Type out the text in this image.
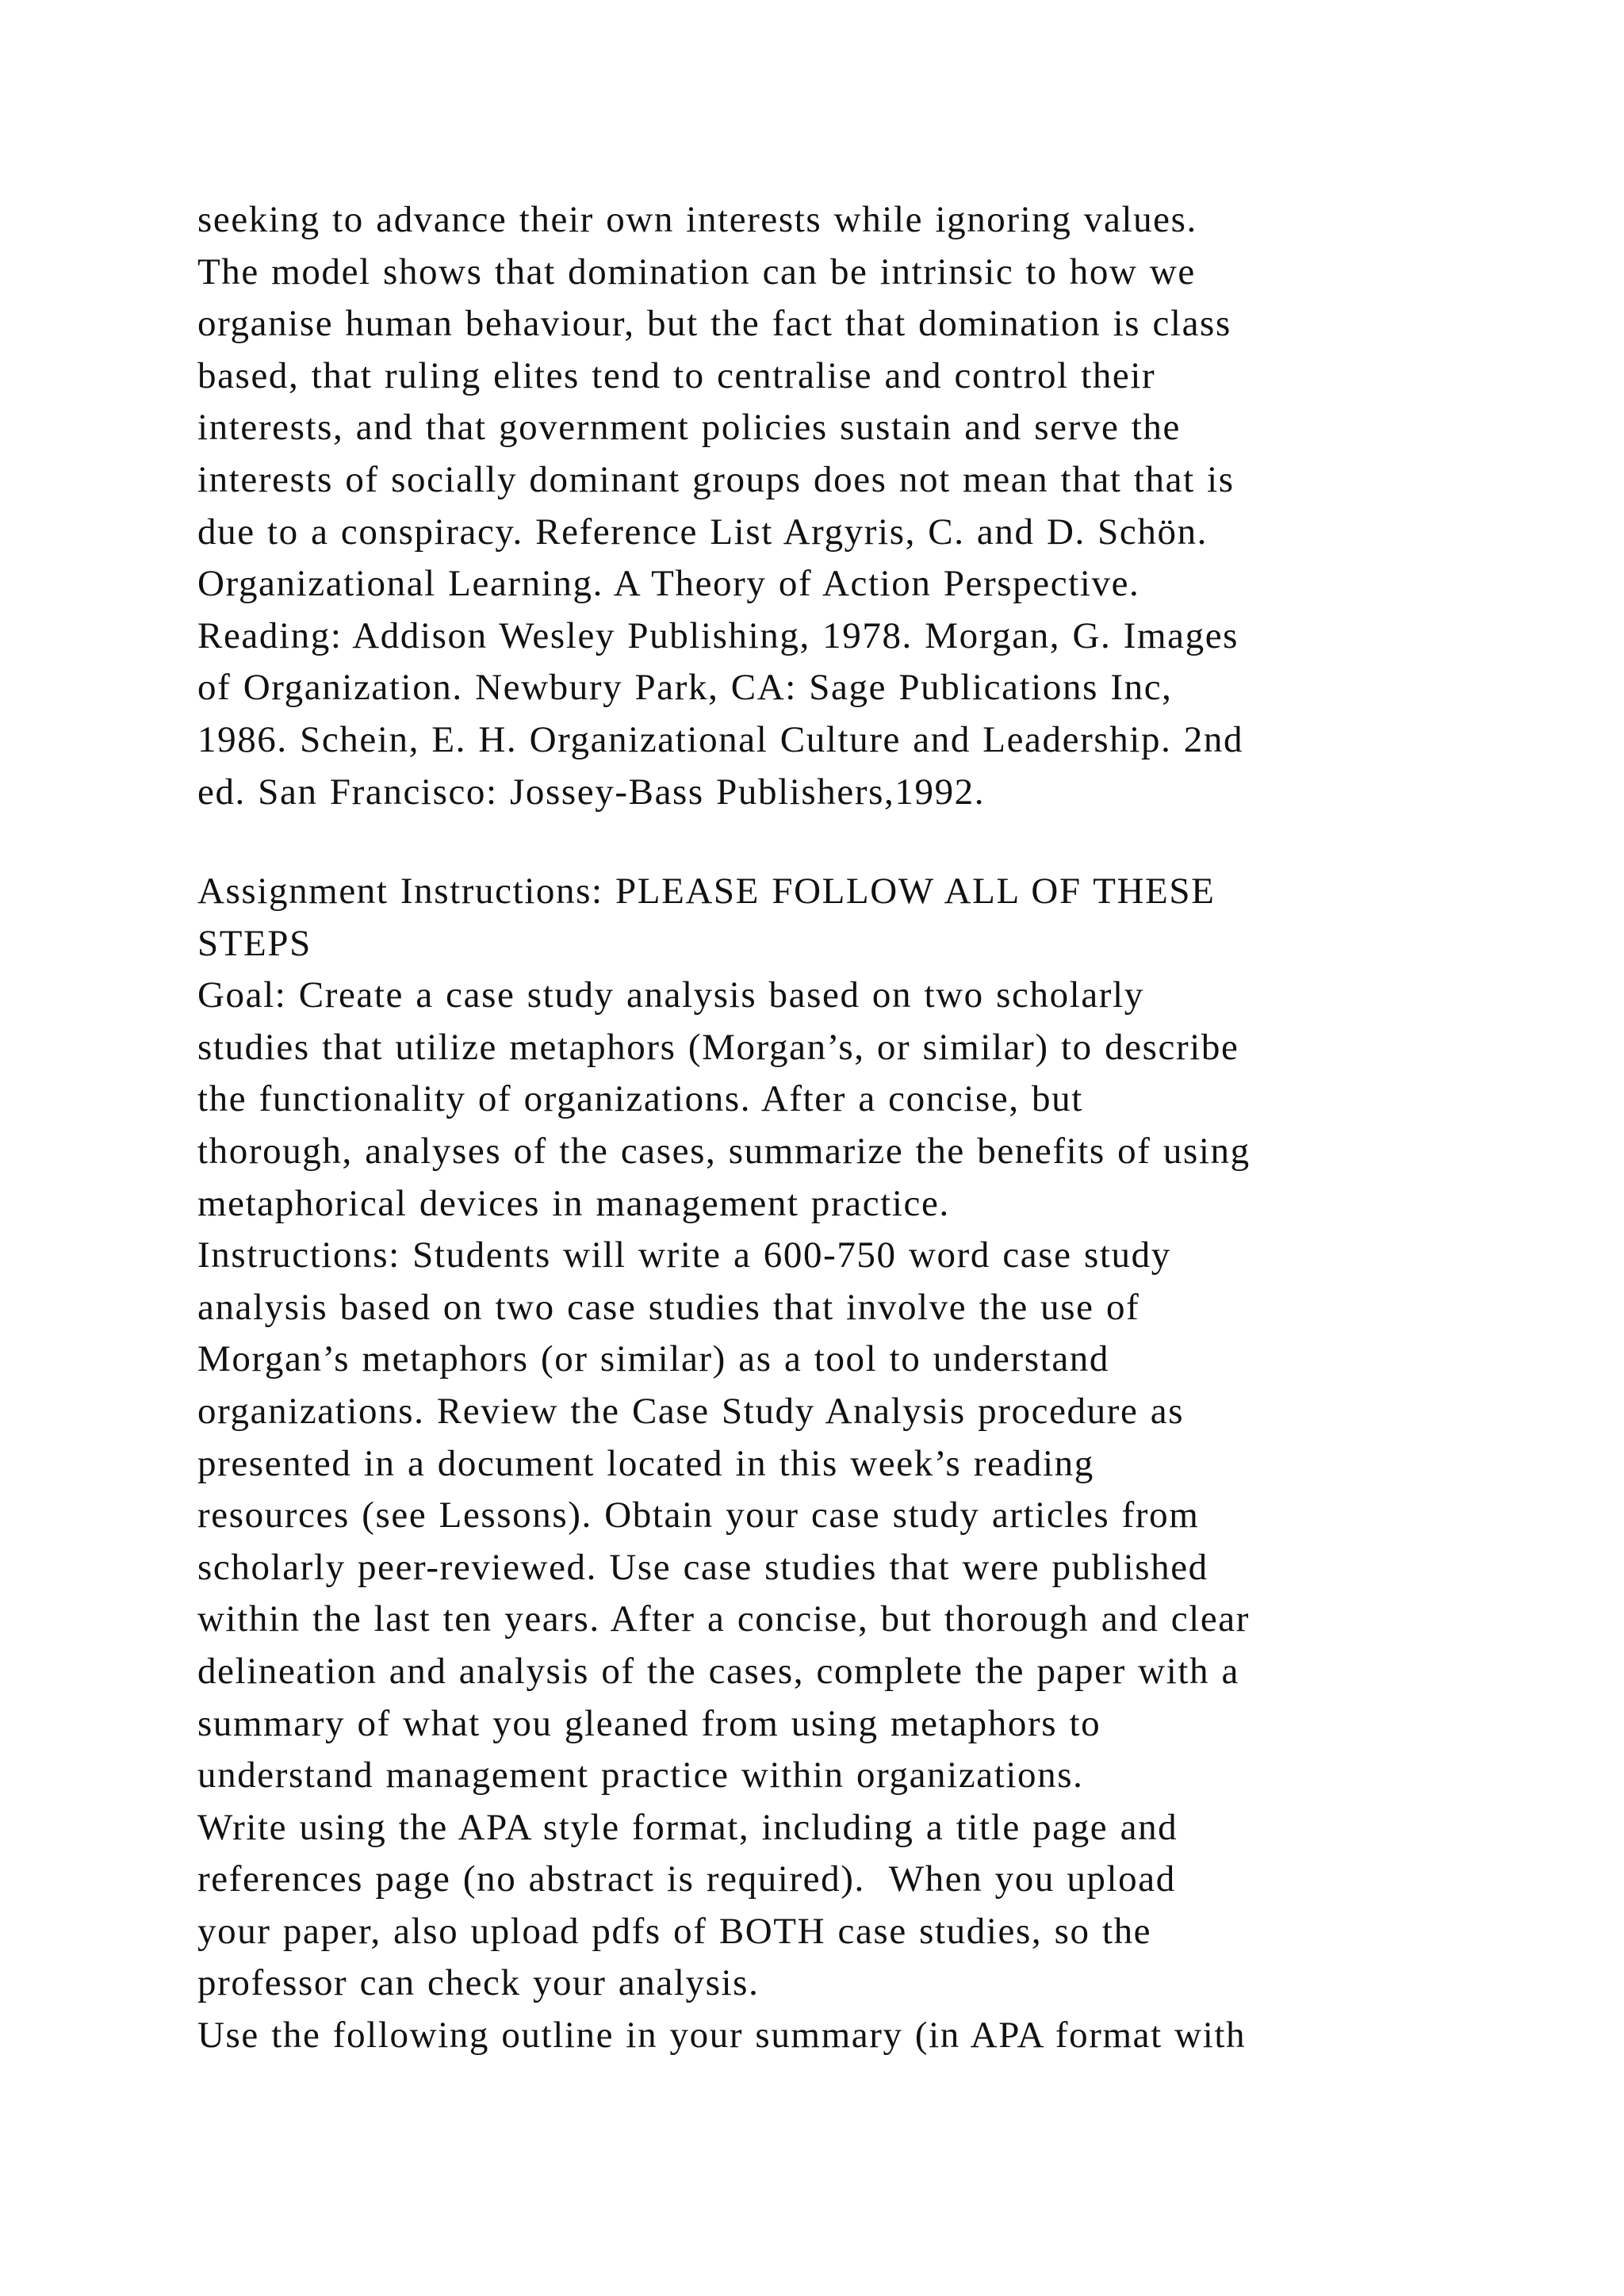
seeking to advance their own interests while ignoring values.
The model shows that domination can be intrinsic to how we
organise human behaviour, but the fact that domination is class
based, that ruling elites tend to centralise and control their
interests, and that government policies sustain and serve the
interests of socially dominant groups does not mean that that is
due to a conspiracy. Reference List Argyris, C. and D. Schön.
Organizational Learning. A Theory of Action Perspective.
Reading: Addison Wesley Publishing, 1978. Morgan, G. Images
of Organization. Newbury Park, CA: Sage Publications Inc,
1986. Schein, E. H. Organizational Culture and Leadership. 2nd
ed. San Francisco: Jossey-Bass Publishers,1992.
Assignment Instructions: PLEASE FOLLOW ALL OF THESE
STEPS
Goal: Create a case study analysis based on two scholarly
studies that utilize metaphors (Morgan’s, or similar) to describe
the functionality of organizations. After a concise, but
thorough, analyses of the cases, summarize the benefits of using
metaphorical devices in management practice.
Instructions: Students will write a 600-750 word case study
analysis based on two case studies that involve the use of
Morgan’s metaphors (or similar) as a tool to understand
organizations. Review the Case Study Analysis procedure as
presented in a document located in this week’s reading
resources (see Lessons). Obtain your case study articles from
scholarly peer-reviewed. Use case studies that were published
within the last ten years. After a concise, but thorough and clear
delineation and analysis of the cases, complete the paper with a
summary of what you gleaned from using metaphors to
understand management practice within organizations.
Write using the APA style format, including a title page and
references page (no abstract is required).  When you upload
your paper, also upload pdfs of BOTH case studies, so the
professor can check your analysis.
Use the following outline in your summary (in APA format with
